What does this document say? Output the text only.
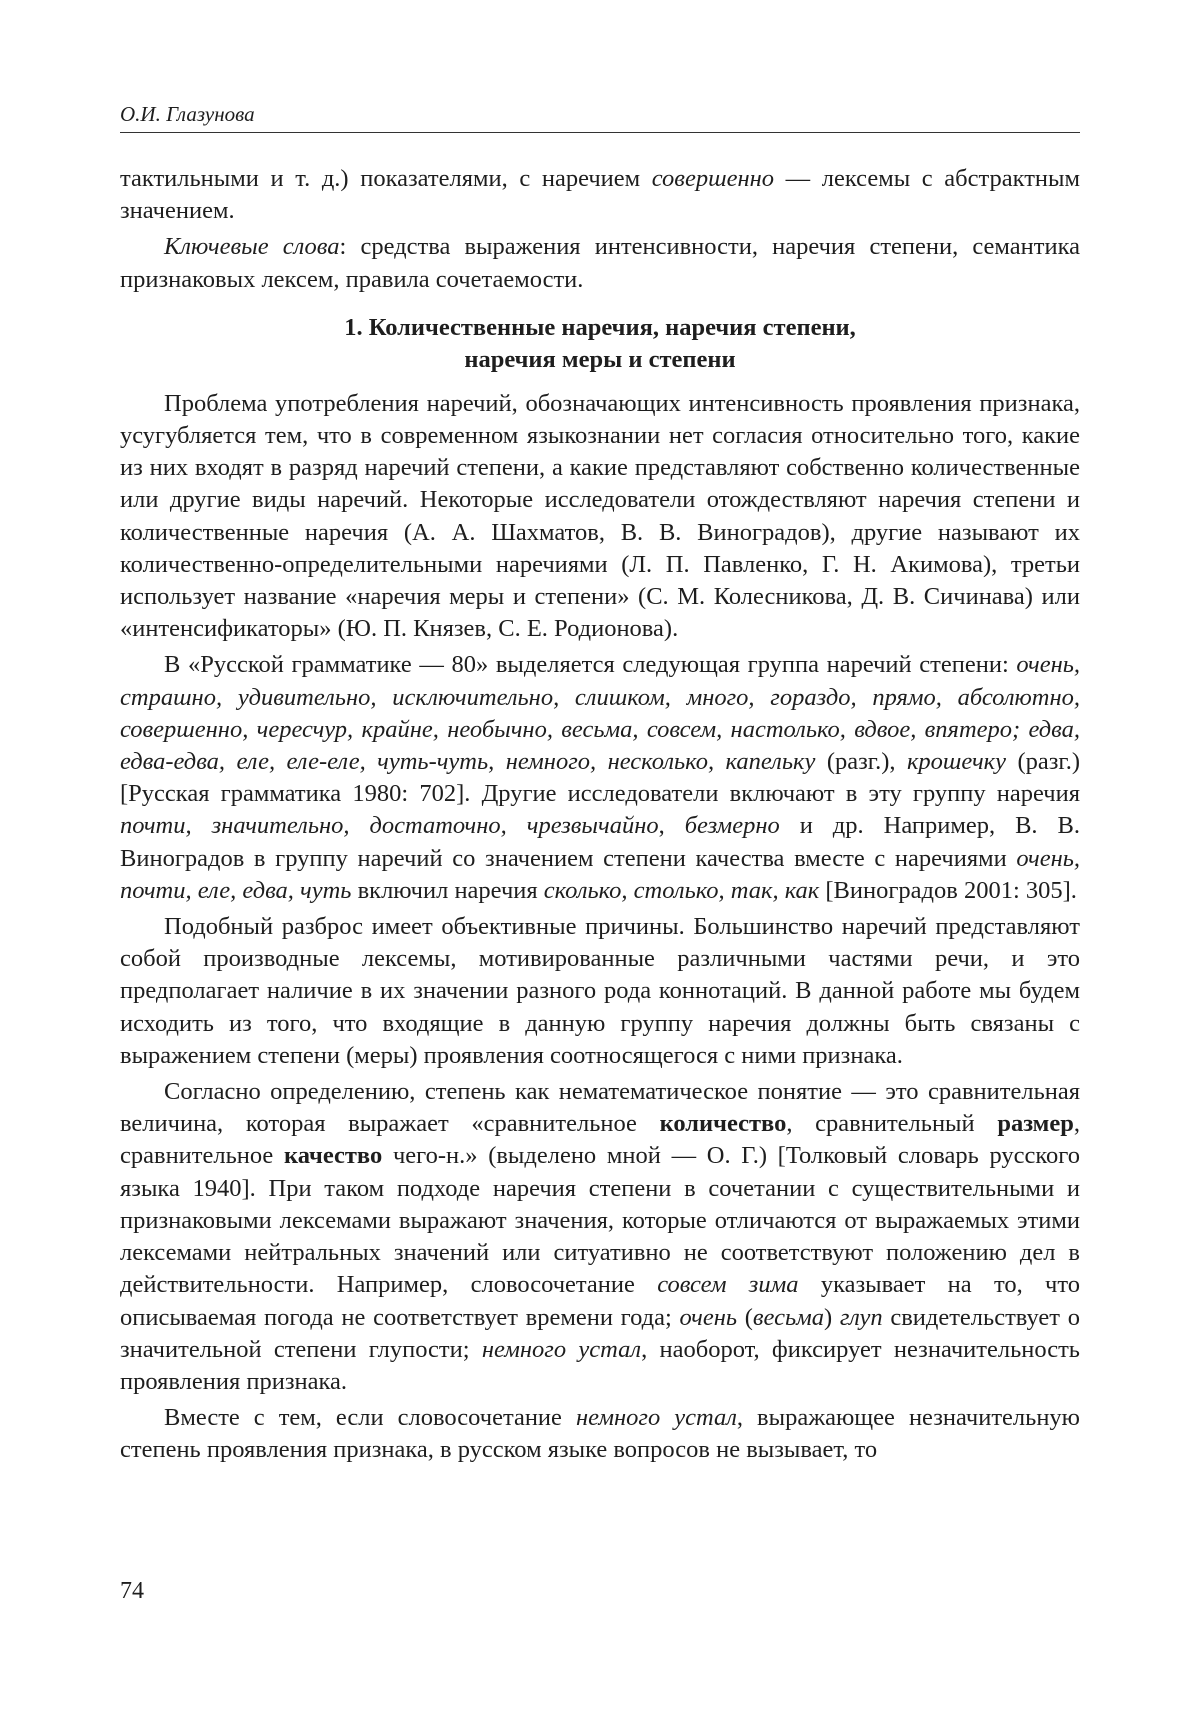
О.И. Глазунова

тактильными и т. д.) показателями, с наречием совершенно — лексемы с абстрактным значением.

Ключевые слова: средства выражения интенсивности, наречия степени, семантика признаковых лексем, правила сочетаемости.

1. Количественные наречия, наречия степени,
наречия меры и степени

Проблема употребления наречий, обозначающих интенсивность проявления признака, усугубляется тем, что в современном языкознании нет согласия относительно того, какие из них входят в разряд наречий степени, а какие представляют собственно количественные или другие виды наречий. Некоторые исследователи отождествляют наречия степени и количественные наречия (А. А. Шахматов, В. В. Виноградов), другие называют их количественно-определительными наречиями (Л. П. Павленко, Г. Н. Акимова), третьи использует название «наречия меры и степени» (С. М. Колесникова, Д. В. Сичинава) или «интенсификаторы» (Ю. П. Князев, С. Е. Родионова).

В «Русской грамматике — 80» выделяется следующая группа наречий степени: очень, страшно, удивительно, исключительно, слишком, много, гораздо, прямо, абсолютно, совершенно, чересчур, крайне, необычно, весьма, совсем, настолько, вдвое, впятеро; едва, едва-едва, еле, еле-еле, чуть-чуть, немного, несколько, капельку (разг.), крошечку (разг.) [Русская грамматика 1980: 702]. Другие исследователи включают в эту группу наречия почти, значительно, достаточно, чрезвычайно, безмерно и др. Например, В. В. Виноградов в группу наречий со значением степени качества вместе с наречиями очень, почти, еле, едва, чуть включил наречия сколько, столько, так, как [Виноградов 2001: 305].

Подобный разброс имеет объективные причины. Большинство наречий представляют собой производные лексемы, мотивированные различными частями речи, и это предполагает наличие в их значении разного рода коннотаций. В данной работе мы будем исходить из того, что входящие в данную группу наречия должны быть связаны с выражением степени (меры) проявления соотносящегося с ними признака.

Согласно определению, степень как нематематическое понятие — это сравнительная величина, которая выражает «сравнительное количество, сравнительный размер, сравнительное качество чего-н.» (выделено мной — О. Г.) [Толковый словарь русского языка 1940]. При таком подходе наречия степени в сочетании с существительными и признаковыми лексемами выражают значения, которые отличаются от выражаемых этими лексемами нейтральных значений или ситуативно не соответствуют положению дел в действительности. Например, словосочетание совсем зима указывает на то, что описываемая погода не соответствует времени года; очень (весьма) глуп свидетельствует о значительной степени глупости; немного устал, наоборот, фиксирует незначительность проявления признака.

Вместе с тем, если словосочетание немного устал, выражающее незначительную степень проявления признака, в русском языке вопросов не вызывает, то

74
